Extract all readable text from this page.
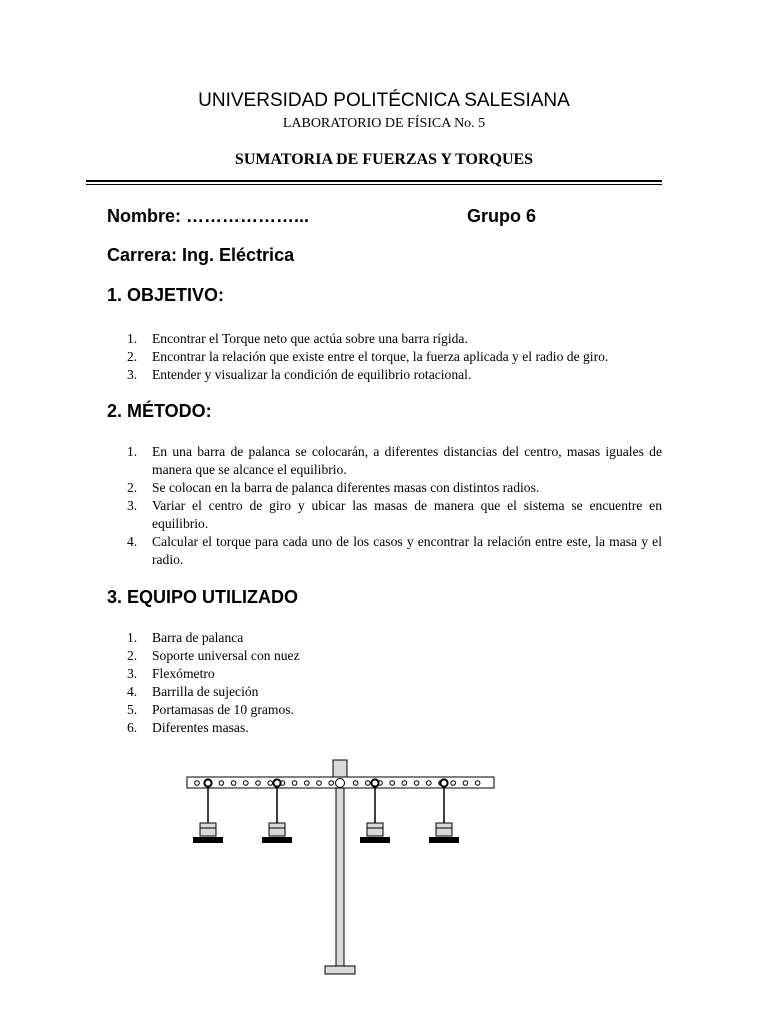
UNIVERSIDAD POLITÉCNICA SALESIANA
LABORATORIO DE FÍSICA No. 5
SUMATORIA DE FUERZAS Y TORQUES
Nombre: ………………...	Grupo 6
Carrera: Ing. Eléctrica
1. OBJETIVO:
1. Encontrar el Torque neto que actúa sobre una barra rígida.
2. Encontrar la relación que existe entre el torque, la fuerza aplicada y el radio de giro.
3. Entender y visualizar la condición de equilibrio rotacional.
2. MÉTODO:
1. En una barra de palanca se colocarán, a diferentes distancias del centro, masas iguales de manera que se alcance el equilibrio.
2. Se colocan en la barra de palanca diferentes masas con distintos radios.
3. Variar el centro de giro y ubicar las masas de manera que el sistema se encuentre en equilibrio.
4. Calcular el torque para cada uno de los casos y encontrar la relación entre este, la masa y el radio.
3. EQUIPO UTILIZADO
1. Barra de palanca
2. Soporte universal con nuez
3. Flexómetro
4. Barrilla de sujeción
5. Portamasas de 10 gramos.
6. Diferentes masas.
